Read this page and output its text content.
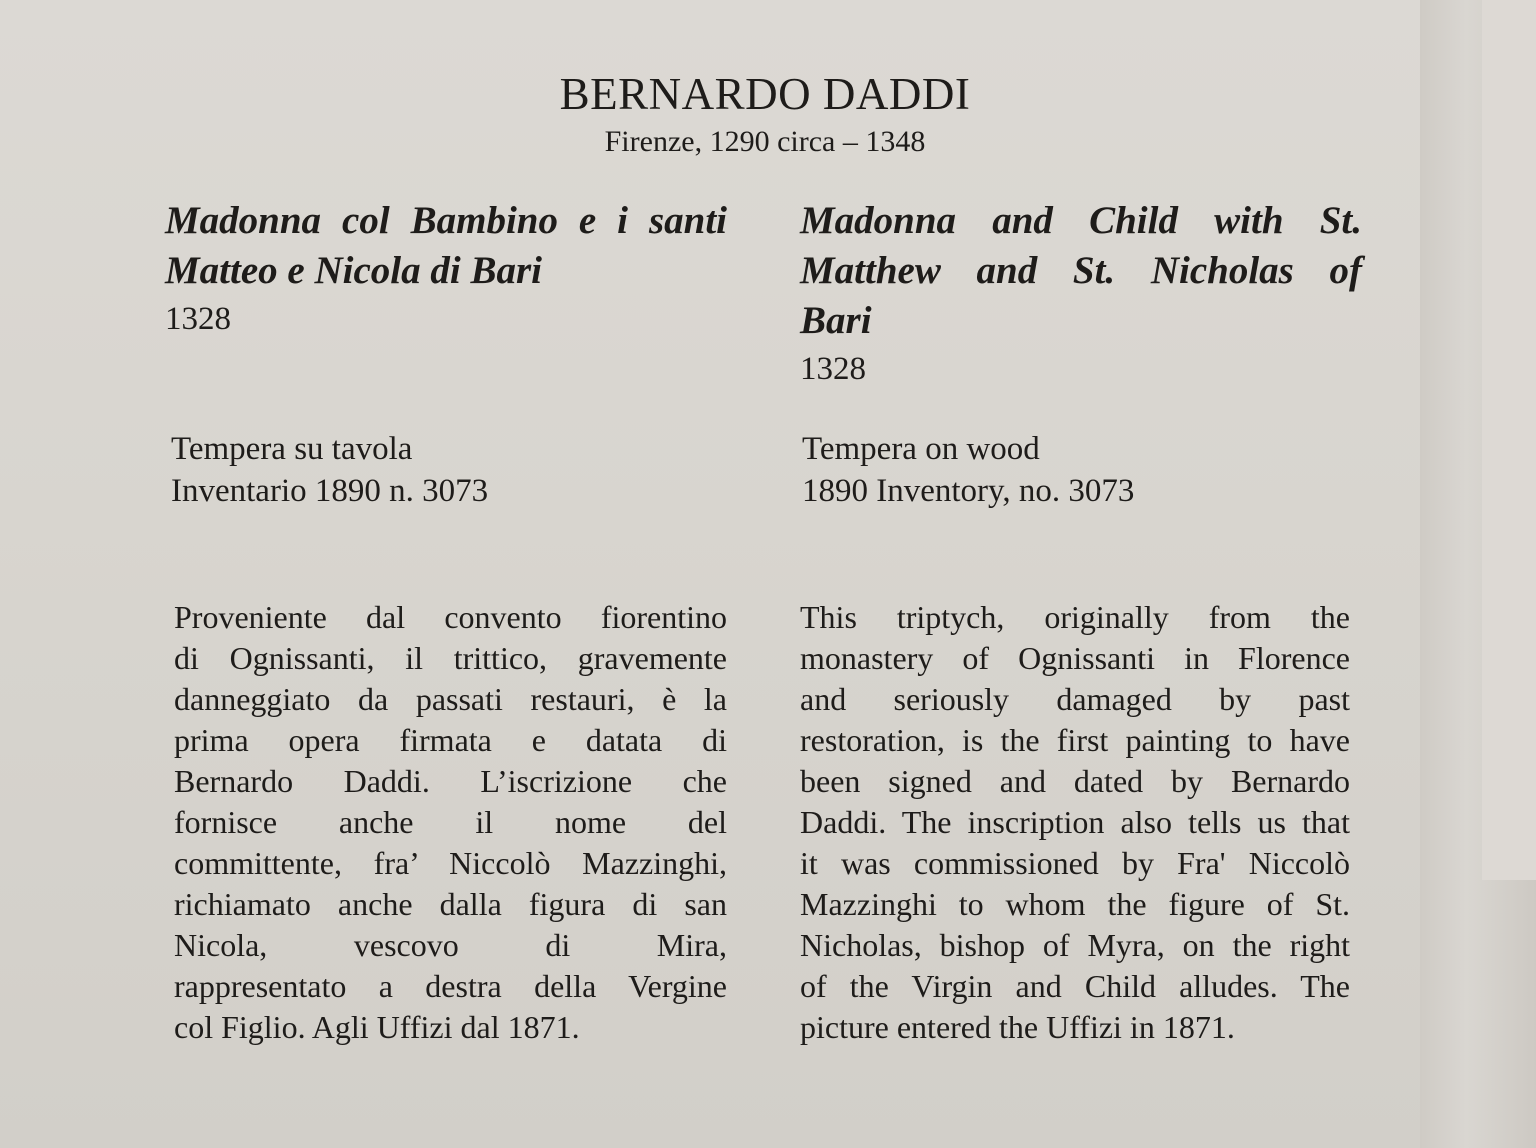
BERNARDO DADDI
Firenze, 1290 circa – 1348
Madonna col Bambino e i santi
Matteo e Nicola di Bari
1328
Tempera su tavola
Inventario 1890 n. 3073
Proveniente dal convento fiorentino
di Ognissanti, il trittico, gravemente
danneggiato da passati restauri, è la
prima opera firmata e datata di
Bernardo Daddi. L’iscrizione che
fornisce anche il nome del
committente, fra’ Niccolò Mazzinghi,
richiamato anche dalla figura di san
Nicola, vescovo di Mira,
rappresentato a destra della Vergine
col Figlio. Agli Uffizi dal 1871.
Madonna and Child with St.
Matthew and St. Nicholas of
Bari
1328
Tempera on wood
1890 Inventory, no. 3073
This triptych, originally from the
monastery of Ognissanti in Florence
and seriously damaged by past
restoration, is the first painting to have
been signed and dated by Bernardo
Daddi. The inscription also tells us that
it was commissioned by Fra' Niccolò
Mazzinghi to whom the figure of St.
Nicholas, bishop of Myra, on the right
of the Virgin and Child alludes. The
picture entered the Uffizi in 1871.
